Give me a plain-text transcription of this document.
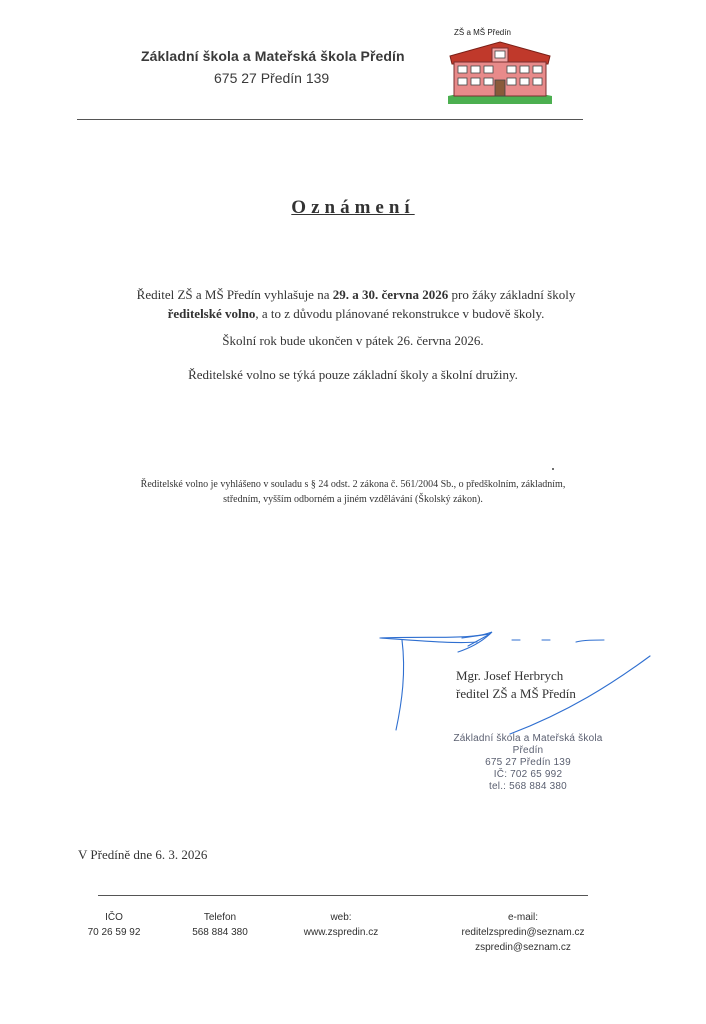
Základní škola a Mateřská škola Předín
675 27 Předín 139
ZŠ a MŠ Předín
Oznámení
Ředitel ZŠ a MŠ Předín vyhlašuje na 29. a 30. června 2026 pro žáky základní školy
ředitelské volno, a to z důvodu plánované rekonstrukce v budově školy.
Školní rok bude ukončen v pátek 26. června 2026.
Ředitelské volno se týká pouze základní školy a školní družiny.
Ředitelské volno je vyhlášeno v souladu s § 24 odst. 2 zákona č. 561/2004 Sb., o předškolním, základním,
středním, vyšším odborném a jiném vzdělávání (Školský zákon).
Mgr. Josef Herbrych
ředitel ZŠ a MŠ Předín
Základní škola a Mateřská škola
Předín
675 27 Předín 139
IČ: 702 65 992
tel.: 568 884 380
V Předíně dne 6. 3. 2026
IČO
70 26 59 92
Telefon
568 884 380
web:
www.zspredin.cz
e-mail:
reditelzspredin@seznam.cz
zspredin@seznam.cz
